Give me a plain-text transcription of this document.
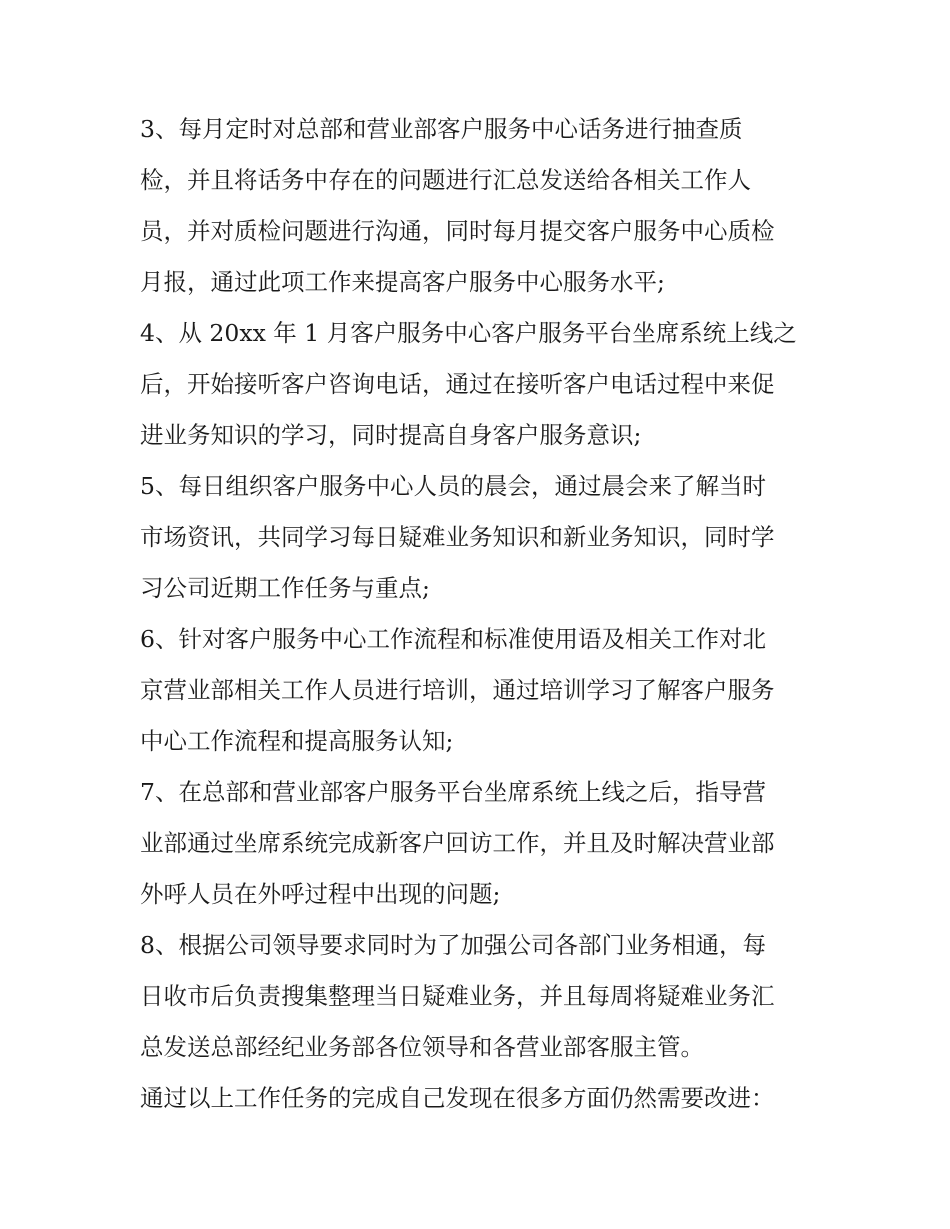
3、每月定时对总部和营业部客户服务中心话务进行抽查质
检，并且将话务中存在的问题进行汇总发送给各相关工作人
员，并对质检问题进行沟通，同时每月提交客户服务中心质检
月报，通过此项工作来提高客户服务中心服务水平;
4、从 20xx 年 1 月客户服务中心客户服务平台坐席系统上线之
后，开始接听客户咨询电话，通过在接听客户电话过程中来促
进业务知识的学习，同时提高自身客户服务意识;
5、每日组织客户服务中心人员的晨会，通过晨会来了解当时
市场资讯，共同学习每日疑难业务知识和新业务知识，同时学
习公司近期工作任务与重点;
6、针对客户服务中心工作流程和标准使用语及相关工作对北
京营业部相关工作人员进行培训，通过培训学习了解客户服务
中心工作流程和提高服务认知;
7、在总部和营业部客户服务平台坐席系统上线之后，指导营
业部通过坐席系统完成新客户回访工作，并且及时解决营业部
外呼人员在外呼过程中出现的问题;
8、根据公司领导要求同时为了加强公司各部门业务相通，每
日收市后负责搜集整理当日疑难业务，并且每周将疑难业务汇
总发送总部经纪业务部各位领导和各营业部客服主管。
通过以上工作任务的完成自己发现在很多方面仍然需要改进：
